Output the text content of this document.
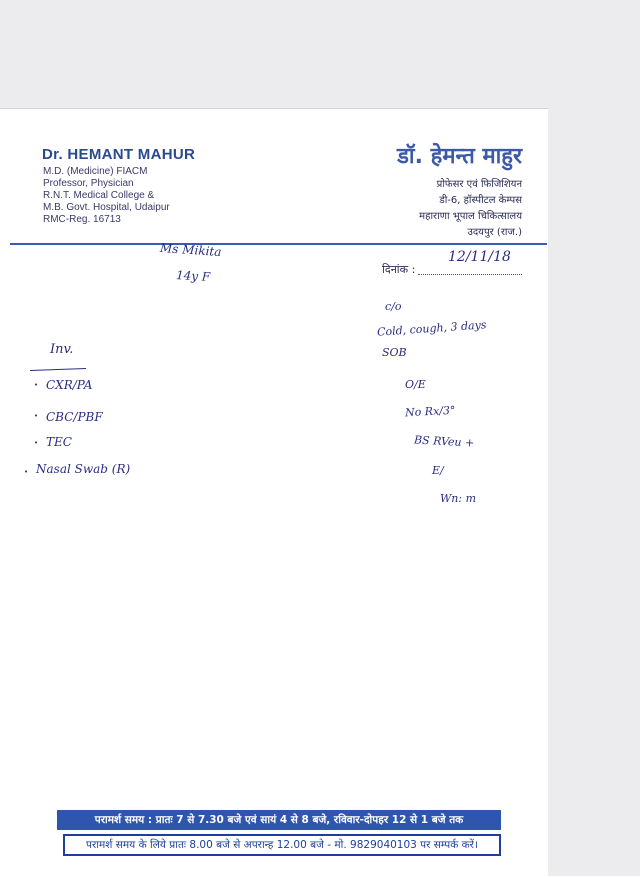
Dr. HEMANT MAHUR
M.D. (Medicine) FIACM
Professor, Physician
R.N.T. Medical College &
M.B. Govt. Hospital, Udaipur
RMC-Reg. 16713
डॉ. हेमन्त माहुर
प्रोफेसर एवं फिजिशियन
डी-6, हॉस्पीटल केम्पस
महाराणा भूपाल चिकित्सालय
उदयपुर (राज.)
दिनांक :
12/11/18
Ms Mikita
14y F
c/o
Cold, cough, 3 days
SOB
O/E
No Rx/3°
BS RVeu +
E/
Wn: m
Inv.
• CXR/PA
• CBC/PBF
• TEC
• Nasal Swab (R)
परामर्श समय : प्रातः 7 से 7.30 बजे एवं सायं 4 से 8 बजे, रविवार-दोपहर 12 से 1 बजे तक
परामर्श समय के लिये प्रातः 8.00 बजे से अपरान्ह 12.00 बजे - मो. 9829040103 पर सम्पर्क करें।
